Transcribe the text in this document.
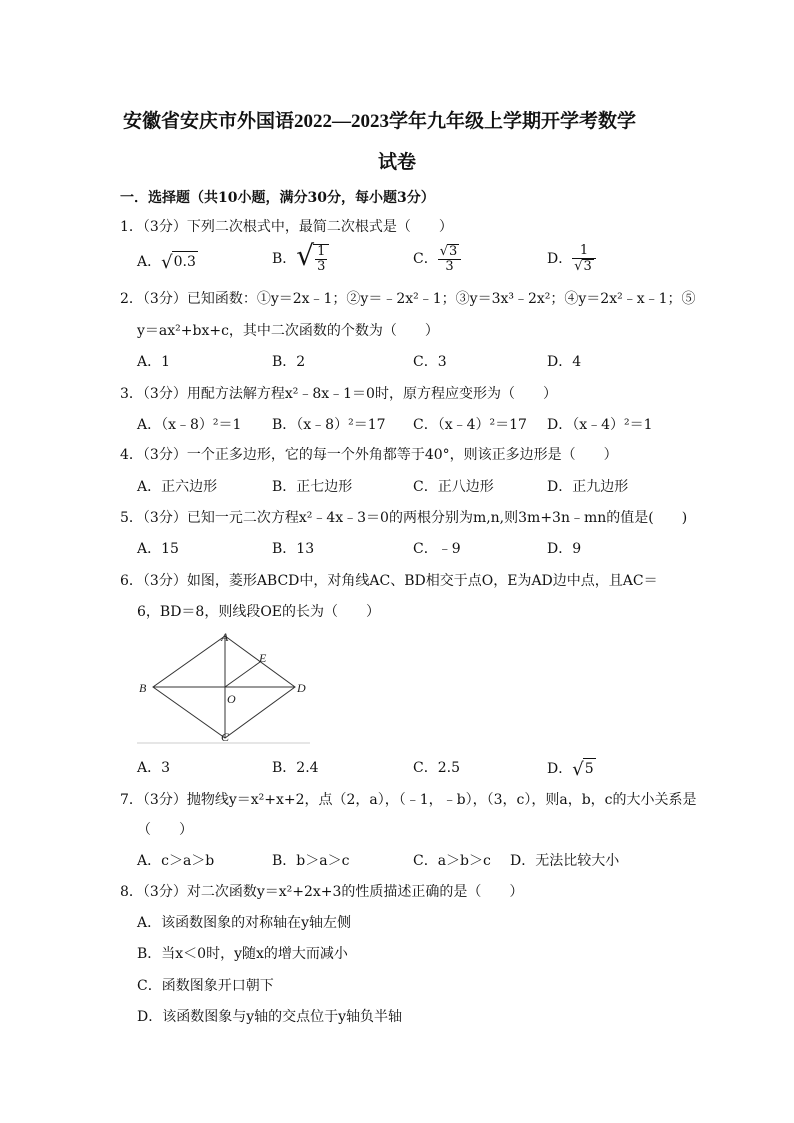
安徽省安庆市外国语2022—2023学年九年级上学期开学考数学
试卷
一．选择题（共10小题，满分30分，每小题3分）
1．（3分）下列二次根式中，最简二次根式是（　　）
A．√0.3	B．√ $\frac{1}{3}$	C． $\frac{√3}{3}$	D． $\frac{1}{√3}$
2．（3分）已知函数：①y＝2x﹣1；②y＝﹣2x²﹣1；③y＝3x³﹣2x²；④y＝2x²﹣x﹣1；⑤
y＝ax²+bx+c，其中二次函数的个数为（　　）
A．1	B．2	C．3	D．4
3．（3分）用配方法解方程x²﹣8x﹣1＝0时，原方程应变形为（　　）
A．（x﹣8）²＝1 B．（x﹣8）²＝17 C．（x﹣4）²＝17 D．（x﹣4）²＝1
4．（3分）一个正多边形，它的每一个外角都等于40°，则该正多边形是（　　）
A．正六边形	B．正七边形	C．正八边形	D．正九边形
5．（3分）已知一元二次方程x²﹣4x﹣3＝0的两根分别为m,n,则3m+3n﹣mn的值是(　　)
A．15	B．13	C．﹣9	D．9
6．（3分）如图，菱形ABCD中，对角线AC、BD相交于点O，E为AD边中点，且AC＝
6，BD＝8，则线段OE的长为（　　）
A
B
C
D
E
O
A．3	B．2.4	C．2.5	D．√5
7．（3分）抛物线y＝x²+x+2，点（2，a），（﹣1，﹣b），（3，c），则a，b，c的大小关系是
（　　）
A．c＞a＞b	B．b＞a＞c	C．a＞b＞c D．无法比较大小
8．（3分）对二次函数y＝x²+2x+3的性质描述正确的是（　　）
A．该函数图象的对称轴在y轴左侧
B．当x＜0时，y随x的增大而减小
C．函数图象开口朝下
D．该函数图象与y轴的交点位于y轴负半轴
